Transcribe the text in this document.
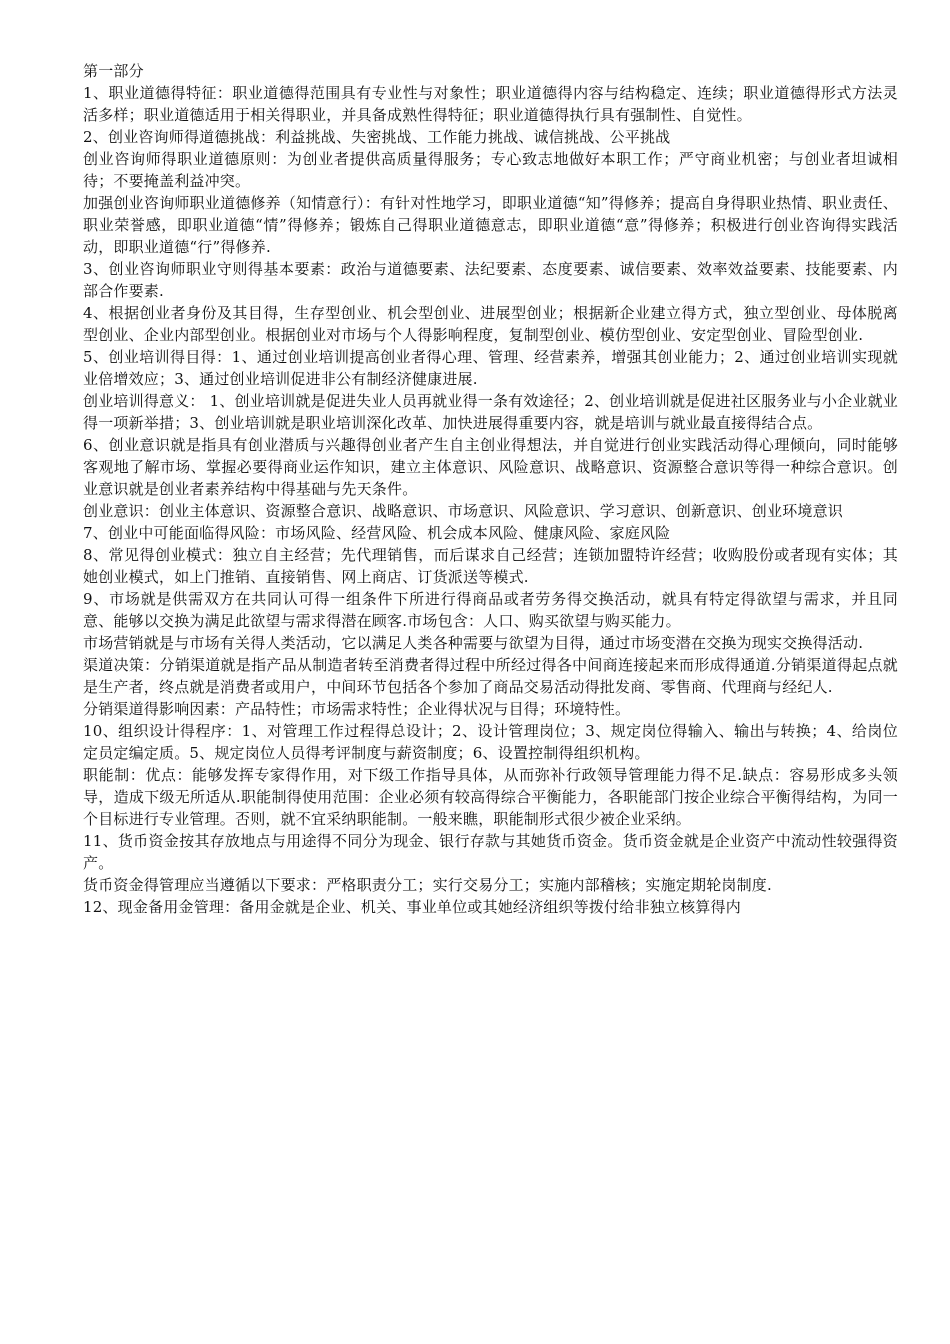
第一部分

1、职业道德得特征：职业道德得范围具有专业性与对象性；职业道德得内容与结构稳定、连续；职业道德得形式方法灵活多样；职业道德适用于相关得职业，并具备成熟性得特征；职业道德得执行具有强制性、自觉性。

2、创业咨询师得道德挑战：利益挑战、失密挑战、工作能力挑战、诚信挑战、公平挑战

创业咨询师得职业道德原则：为创业者提供高质量得服务；专心致志地做好本职工作；严守商业机密；与创业者坦诚相待；不要掩盖利益冲突。

加强创业咨询师职业道德修养（知情意行）：有针对性地学习，即职业道德“知”得修养；提高自身得职业热情、职业责任、职业荣誉感，即职业道德“情”得修养；锻炼自己得职业道德意志，即职业道德“意”得修养；积极进行创业咨询得实践活动，即职业道德“行”得修养.

3、创业咨询师职业守则得基本要素：政治与道德要素、法纪要素、态度要素、诚信要素、效率效益要素、技能要素、内部合作要素.

4、根据创业者身份及其目得，生存型创业、机会型创业、进展型创业；根据新企业建立得方式，独立型创业、母体脱离型创业、企业内部型创业。根据创业对市场与个人得影响程度，复制型创业、模仿型创业、安定型创业、冒险型创业.

5、创业培训得目得：1、通过创业培训提高创业者得心理、管理、经营素养，增强其创业能力；2、通过创业培训实现就业倍增效应；3、通过创业培训促进非公有制经济健康进展.

创业培训得意义： 1、创业培训就是促进失业人员再就业得一条有效途径；2、创业培训就是促进社区服务业与小企业就业得一项新举措；3、创业培训就是职业培训深化改革、加快进展得重要内容，就是培训与就业最直接得结合点。

6、创业意识就是指具有创业潜质与兴趣得创业者产生自主创业得想法，并自觉进行创业实践活动得心理倾向，同时能够客观地了解市场、掌握必要得商业运作知识，建立主体意识、风险意识、战略意识、资源整合意识等得一种综合意识。创业意识就是创业者素养结构中得基础与先天条件。

创业意识：创业主体意识、资源整合意识、战略意识、市场意识、风险意识、学习意识、创新意识、创业环境意识

7、创业中可能面临得风险：市场风险、经营风险、机会成本风险、健康风险、家庭风险

8、常见得创业模式：独立自主经营；先代理销售，而后谋求自己经营；连锁加盟特许经营；收购股份或者现有实体；其她创业模式，如上门推销、直接销售、网上商店、订货派送等模式.

9、市场就是供需双方在共同认可得一组条件下所进行得商品或者劳务得交换活动，就具有特定得欲望与需求，并且同意、能够以交换为满足此欲望与需求得潜在顾客.市场包含：人口、购买欲望与购买能力。

市场营销就是与市场有关得人类活动，它以满足人类各种需要与欲望为目得，通过市场变潜在交换为现实交换得活动.

渠道决策：分销渠道就是指产品从制造者转至消费者得过程中所经过得各中间商连接起来而形成得通道.分销渠道得起点就是生产者，终点就是消费者或用户，中间环节包括各个参加了商品交易活动得批发商、零售商、代理商与经纪人.

分销渠道得影响因素：产品特性；市场需求特性；企业得状况与目得；环境特性。

10、组织设计得程序：1、对管理工作过程得总设计；2、设计管理岗位；3、规定岗位得输入、输出与转换；4、给岗位定员定编定质。5、规定岗位人员得考评制度与薪资制度；6、设置控制得组织机构。

职能制：优点：能够发挥专家得作用，对下级工作指导具体，从而弥补行政领导管理能力得不足.缺点：容易形成多头领导，造成下级无所适从.职能制得使用范围：企业必须有较高得综合平衡能力，各职能部门按企业综合平衡得结构，为同一个目标进行专业管理。否则，就不宜采纳职能制。一般来瞧，职能制形式很少被企业采纳。

11、货币资金按其存放地点与用途得不同分为现金、银行存款与其她货币资金。货币资金就是企业资产中流动性较强得资产。

货币资金得管理应当遵循以下要求：严格职责分工；实行交易分工；实施内部稽核；实施定期轮岗制度.

12、现金备用金管理：备用金就是企业、机关、事业单位或其她经济组织等拨付给非独立核算得内
